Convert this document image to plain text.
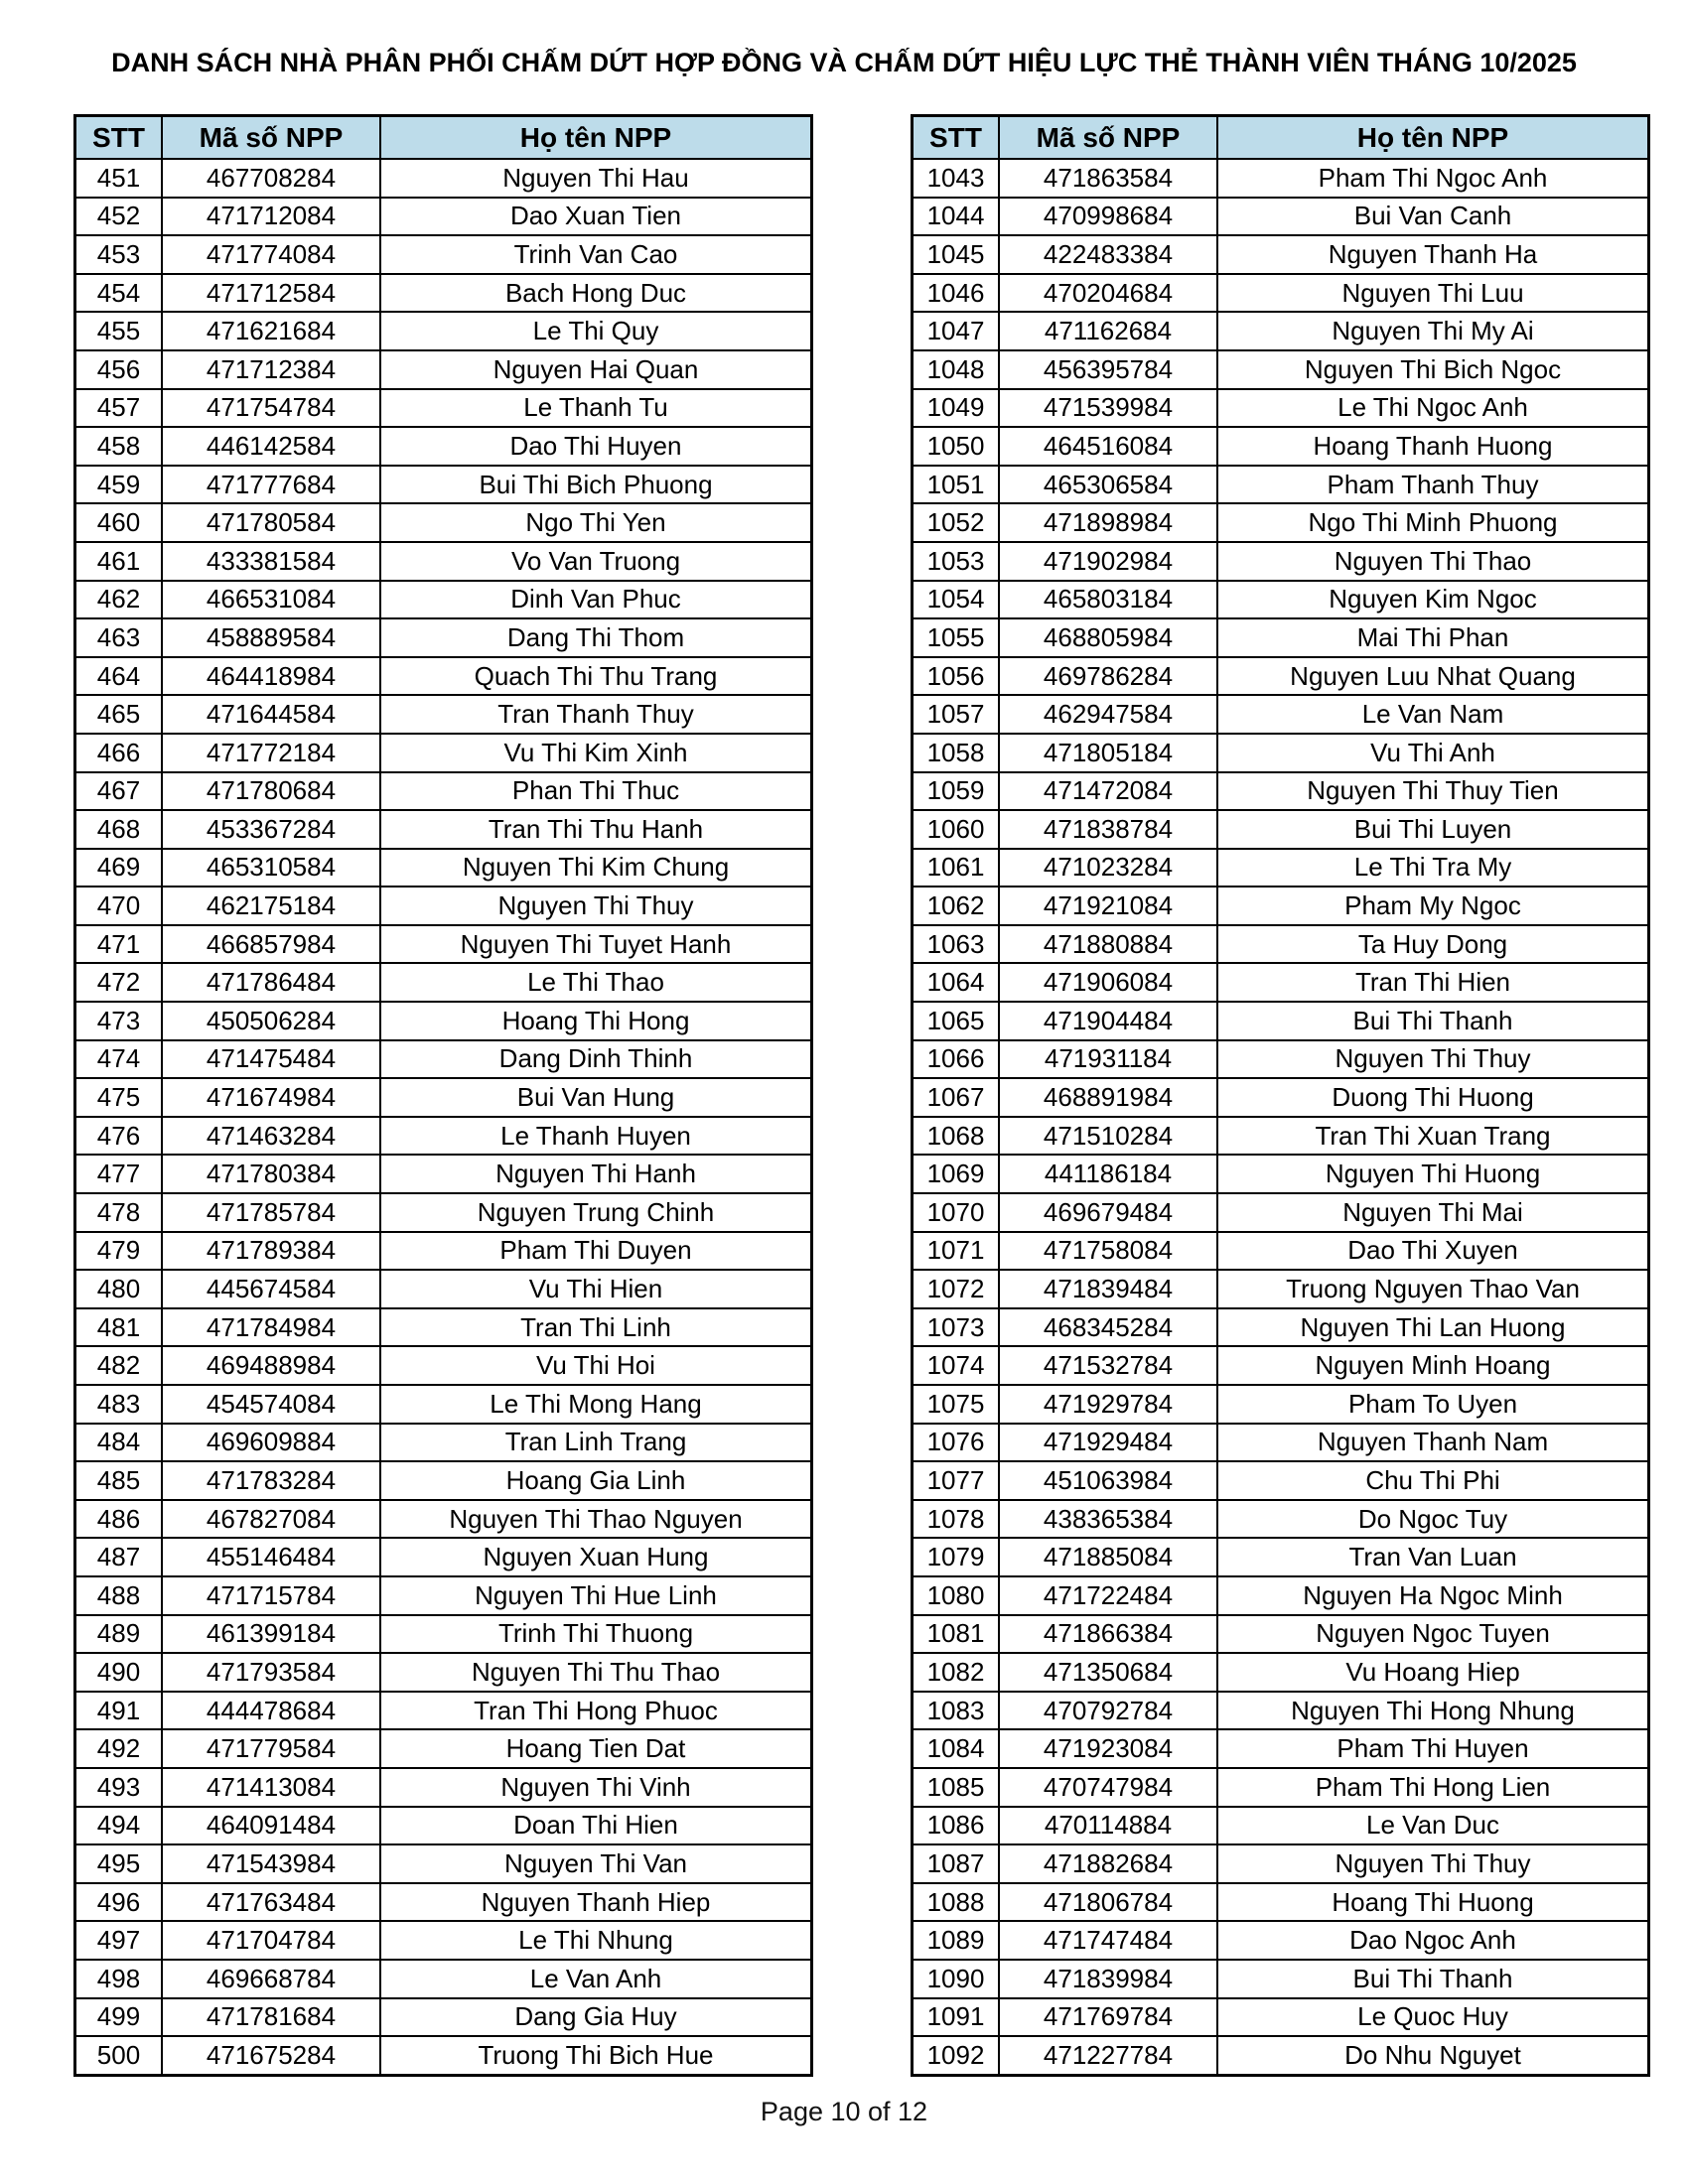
DANH SÁCH NHÀ PHÂN PHỐI CHẤM DỨT HỢP ĐỒNG VÀ CHẤM DỨT HIỆU LỰC THẺ THÀNH VIÊN THÁNG 10/2025
STT	Mã số NPP	Họ tên NPP
451	467708284	Nguyen Thi Hau
452	471712084	Dao Xuan Tien
453	471774084	Trinh Van Cao
454	471712584	Bach Hong Duc
455	471621684	Le Thi Quy
456	471712384	Nguyen Hai Quan
457	471754784	Le Thanh Tu
458	446142584	Dao Thi Huyen
459	471777684	Bui Thi Bich Phuong
460	471780584	Ngo Thi Yen
461	433381584	Vo Van Truong
462	466531084	Dinh Van Phuc
463	458889584	Dang Thi Thom
464	464418984	Quach Thi Thu Trang
465	471644584	Tran Thanh Thuy
466	471772184	Vu Thi Kim Xinh
467	471780684	Phan Thi Thuc
468	453367284	Tran Thi Thu Hanh
469	465310584	Nguyen Thi Kim Chung
470	462175184	Nguyen Thi Thuy
471	466857984	Nguyen Thi Tuyet Hanh
472	471786484	Le Thi Thao
473	450506284	Hoang Thi Hong
474	471475484	Dang Dinh Thinh
475	471674984	Bui Van Hung
476	471463284	Le Thanh Huyen
477	471780384	Nguyen Thi Hanh
478	471785784	Nguyen Trung Chinh
479	471789384	Pham Thi Duyen
480	445674584	Vu Thi Hien
481	471784984	Tran Thi Linh
482	469488984	Vu Thi Hoi
483	454574084	Le Thi Mong Hang
484	469609884	Tran Linh Trang
485	471783284	Hoang Gia Linh
486	467827084	Nguyen Thi Thao Nguyen
487	455146484	Nguyen Xuan Hung
488	471715784	Nguyen Thi Hue Linh
489	461399184	Trinh Thi Thuong
490	471793584	Nguyen Thi Thu Thao
491	444478684	Tran Thi Hong Phuoc
492	471779584	Hoang Tien Dat
493	471413084	Nguyen Thi Vinh
494	464091484	Doan Thi Hien
495	471543984	Nguyen Thi Van
496	471763484	Nguyen Thanh Hiep
497	471704784	Le Thi Nhung
498	469668784	Le Van Anh
499	471781684	Dang Gia Huy
500	471675284	Truong Thi Bich Hue
STT	Mã số NPP	Họ tên NPP
1043	471863584	Pham Thi Ngoc Anh
1044	470998684	Bui Van Canh
1045	422483384	Nguyen Thanh Ha
1046	470204684	Nguyen Thi Luu
1047	471162684	Nguyen Thi My Ai
1048	456395784	Nguyen Thi Bich Ngoc
1049	471539984	Le Thi Ngoc Anh
1050	464516084	Hoang Thanh Huong
1051	465306584	Pham Thanh Thuy
1052	471898984	Ngo Thi Minh Phuong
1053	471902984	Nguyen Thi Thao
1054	465803184	Nguyen Kim Ngoc
1055	468805984	Mai Thi Phan
1056	469786284	Nguyen Luu Nhat Quang
1057	462947584	Le Van Nam
1058	471805184	Vu Thi Anh
1059	471472084	Nguyen Thi Thuy Tien
1060	471838784	Bui Thi Luyen
1061	471023284	Le Thi Tra My
1062	471921084	Pham My Ngoc
1063	471880884	Ta Huy Dong
1064	471906084	Tran Thi Hien
1065	471904484	Bui Thi Thanh
1066	471931184	Nguyen Thi Thuy
1067	468891984	Duong Thi Huong
1068	471510284	Tran Thi Xuan Trang
1069	441186184	Nguyen Thi Huong
1070	469679484	Nguyen Thi Mai
1071	471758084	Dao Thi Xuyen
1072	471839484	Truong Nguyen Thao Van
1073	468345284	Nguyen Thi Lan Huong
1074	471532784	Nguyen Minh Hoang
1075	471929784	Pham To Uyen
1076	471929484	Nguyen Thanh Nam
1077	451063984	Chu Thi Phi
1078	438365384	Do Ngoc Tuy
1079	471885084	Tran Van Luan
1080	471722484	Nguyen Ha Ngoc Minh
1081	471866384	Nguyen Ngoc Tuyen
1082	471350684	Vu Hoang Hiep
1083	470792784	Nguyen Thi Hong Nhung
1084	471923084	Pham Thi Huyen
1085	470747984	Pham Thi Hong Lien
1086	470114884	Le Van Duc
1087	471882684	Nguyen Thi Thuy
1088	471806784	Hoang Thi Huong
1089	471747484	Dao Ngoc Anh
1090	471839984	Bui Thi Thanh
1091	471769784	Le Quoc Huy
1092	471227784	Do Nhu Nguyet
Page 10 of 12
